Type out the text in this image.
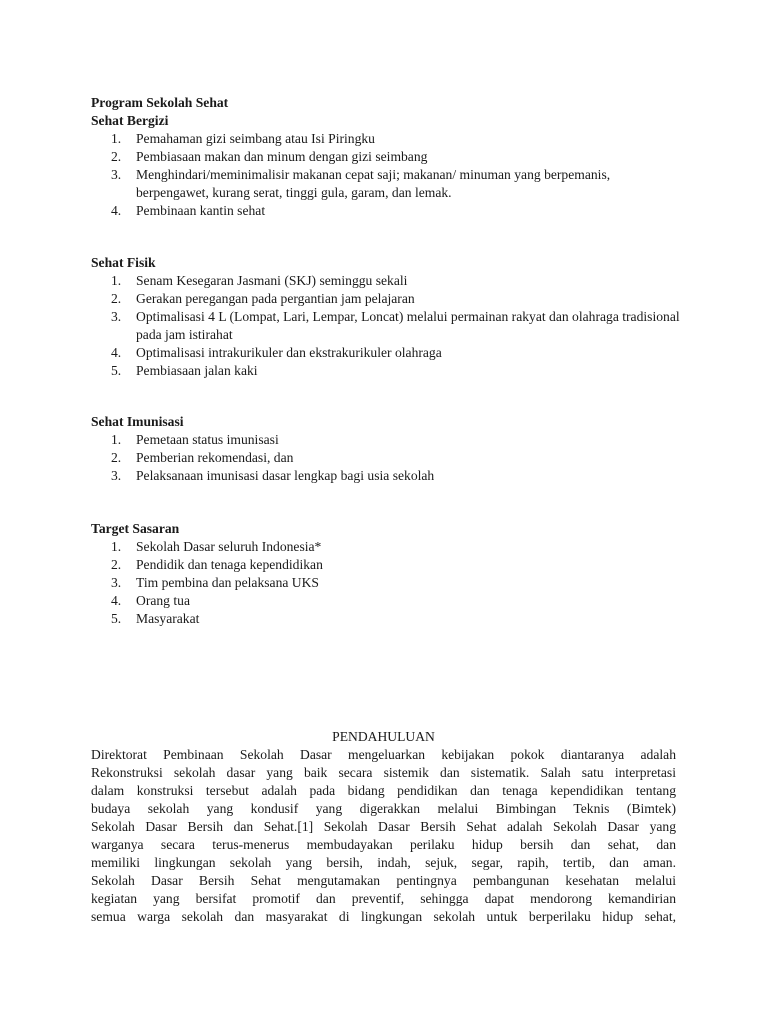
Program Sekolah Sehat
Sehat Bergizi
1.	Pemahaman gizi seimbang atau Isi Piringku
2.	Pembiasaan makan dan minum dengan gizi seimbang
3.	Menghindari/meminimalisir makanan cepat saji; makanan/ minuman yang berpemanis, berpengawet, kurang serat, tinggi gula, garam, dan lemak.
4.	Pembinaan kantin sehat
Sehat Fisik
1.	Senam Kesegaran Jasmani (SKJ) seminggu sekali
2.	Gerakan peregangan pada pergantian jam pelajaran
3.	Optimalisasi 4 L (Lompat, Lari, Lempar, Loncat) melalui permainan rakyat dan olahraga tradisional pada jam istirahat
4.	Optimalisasi intrakurikuler dan ekstrakurikuler olahraga
5.	Pembiasaan jalan kaki
Sehat Imunisasi
1.	Pemetaan status imunisasi
2.	Pemberian rekomendasi, dan
3.	Pelaksanaan imunisasi dasar lengkap bagi usia sekolah
Target Sasaran
1.	Sekolah Dasar seluruh Indonesia*
2.	Pendidik dan tenaga kependidikan
3.	Tim pembina dan pelaksana UKS
4.	Orang tua
5.	Masyarakat
PENDAHULUAN
Direktorat Pembinaan Sekolah Dasar mengeluarkan kebijakan pokok diantaranya adalah
Rekonstruksi sekolah dasar yang baik secara sistemik dan sistematik. Salah satu interpretasi
dalam konstruksi tersebut adalah pada bidang pendidikan dan tenaga kependidikan tentang
budaya sekolah yang kondusif yang digerakkan melalui Bimbingan Teknis (Bimtek)
Sekolah Dasar Bersih dan Sehat.[1] Sekolah Dasar Bersih Sehat adalah Sekolah Dasar yang
warganya secara terus-menerus membudayakan perilaku hidup bersih dan sehat, dan
memiliki lingkungan sekolah yang bersih, indah, sejuk, segar, rapih, tertib, dan aman.
Sekolah Dasar Bersih Sehat mengutamakan pentingnya pembangunan kesehatan melalui
kegiatan yang bersifat promotif dan preventif, sehingga dapat mendorong kemandirian
semua warga sekolah dan masyarakat di lingkungan sekolah untuk berperilaku hidup sehat,
